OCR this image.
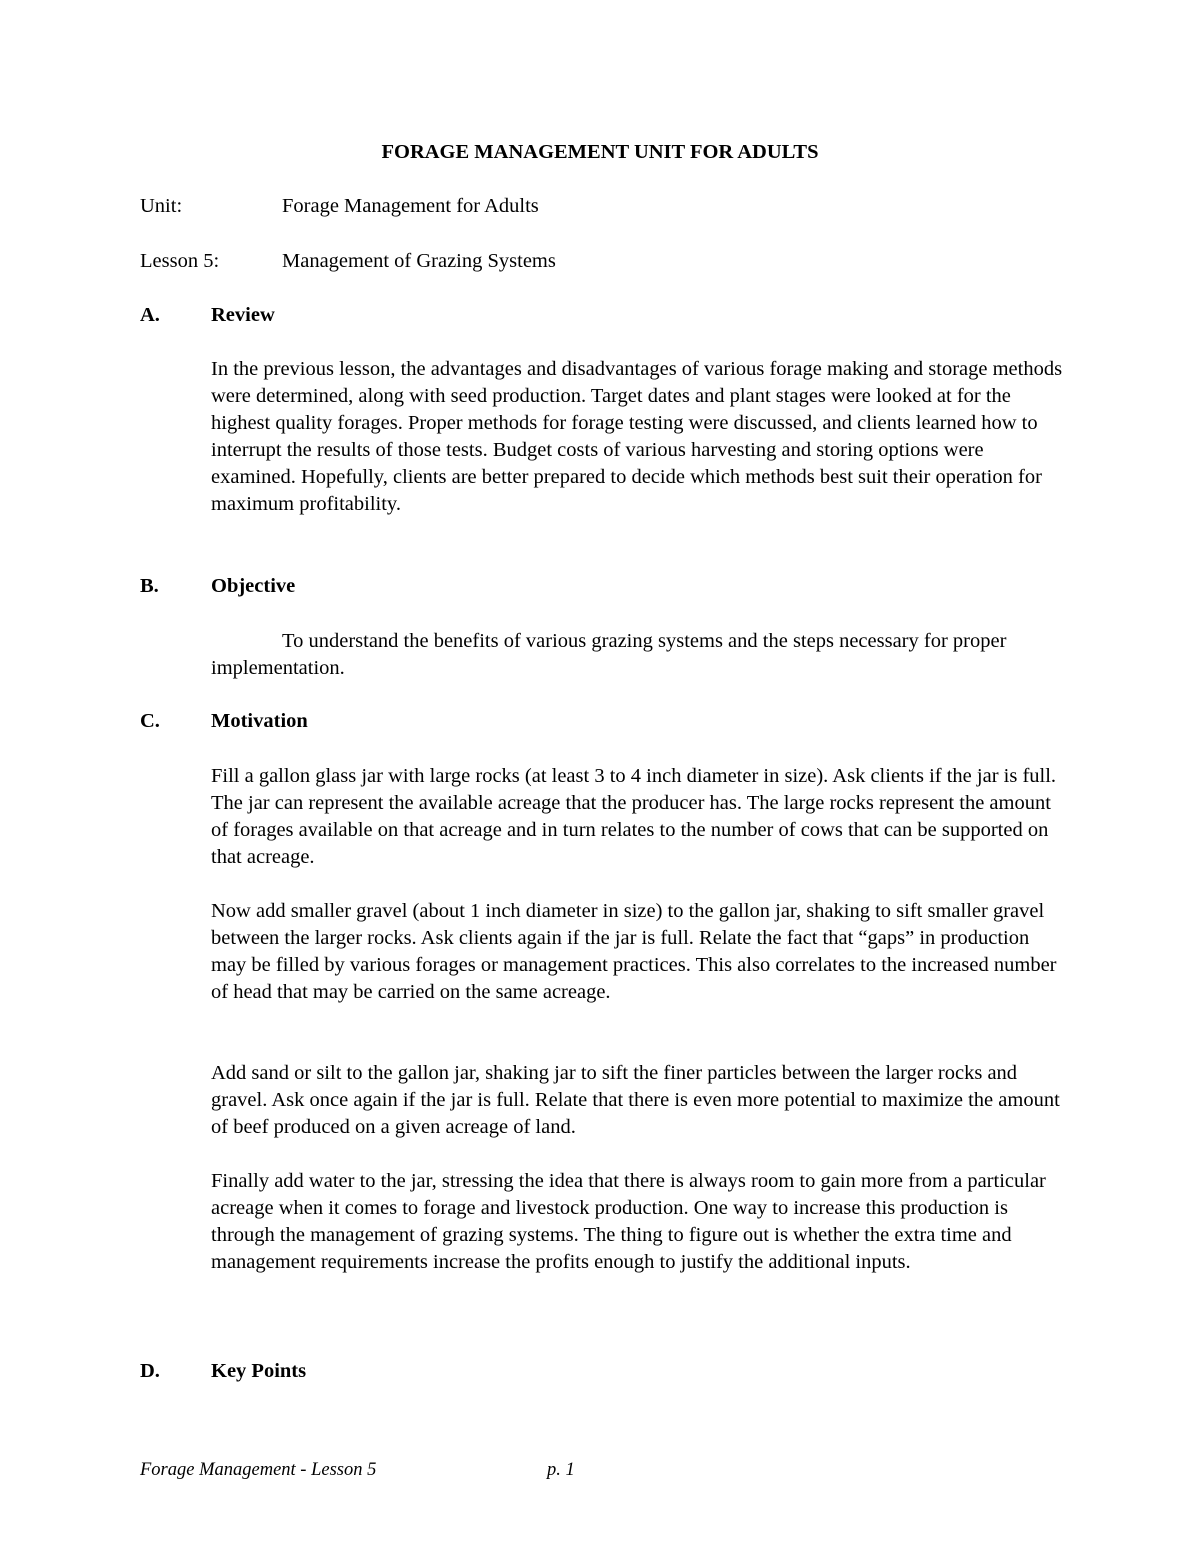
FORAGE MANAGEMENT UNIT FOR ADULTS
Unit:	Forage Management for Adults
Lesson 5:	Management of Grazing Systems
A. Review

In the previous lesson, the advantages and disadvantages of various forage making and storage methods were determined, along with seed production. Target dates and plant stages were looked at for the highest quality forages. Proper methods for forage testing were discussed, and clients learned how to interrupt the results of those tests. Budget costs of various harvesting and storing options were examined. Hopefully, clients are better prepared to decide which methods best suit their operation for maximum profitability.

B.	Objective

To understand the benefits of various grazing systems and the steps necessary for proper implementation.

C. Motivation

Fill a gallon glass jar with large rocks (at least 3 to 4 inch diameter in size). Ask clients if the jar is full. The jar can represent the available acreage that the producer has. The large rocks represent the amount of forages available on that acreage and in turn relates to the number of cows that can be supported on that acreage.

Now add smaller gravel (about 1 inch diameter in size) to the gallon jar, shaking to sift smaller gravel between the larger rocks. Ask clients again if the jar is full. Relate the fact that “gaps” in production may be filled by various forages or management practices. This also correlates to the increased number of head that may be carried on the same acreage.

Add sand or silt to the gallon jar, shaking jar to sift the finer particles between the larger rocks and gravel. Ask once again if the jar is full. Relate that there is even more potential to maximize the amount of beef produced on a given acreage of land.

Finally add water to the jar, stressing the idea that there is always room to gain more from a particular acreage when it comes to forage and livestock production. One way to increase this production is through the management of grazing systems. The thing to figure out is whether the extra time and management requirements increase the profits enough to justify the additional inputs.

D. Key Points
Forage Management - Lesson 5	p. 1
